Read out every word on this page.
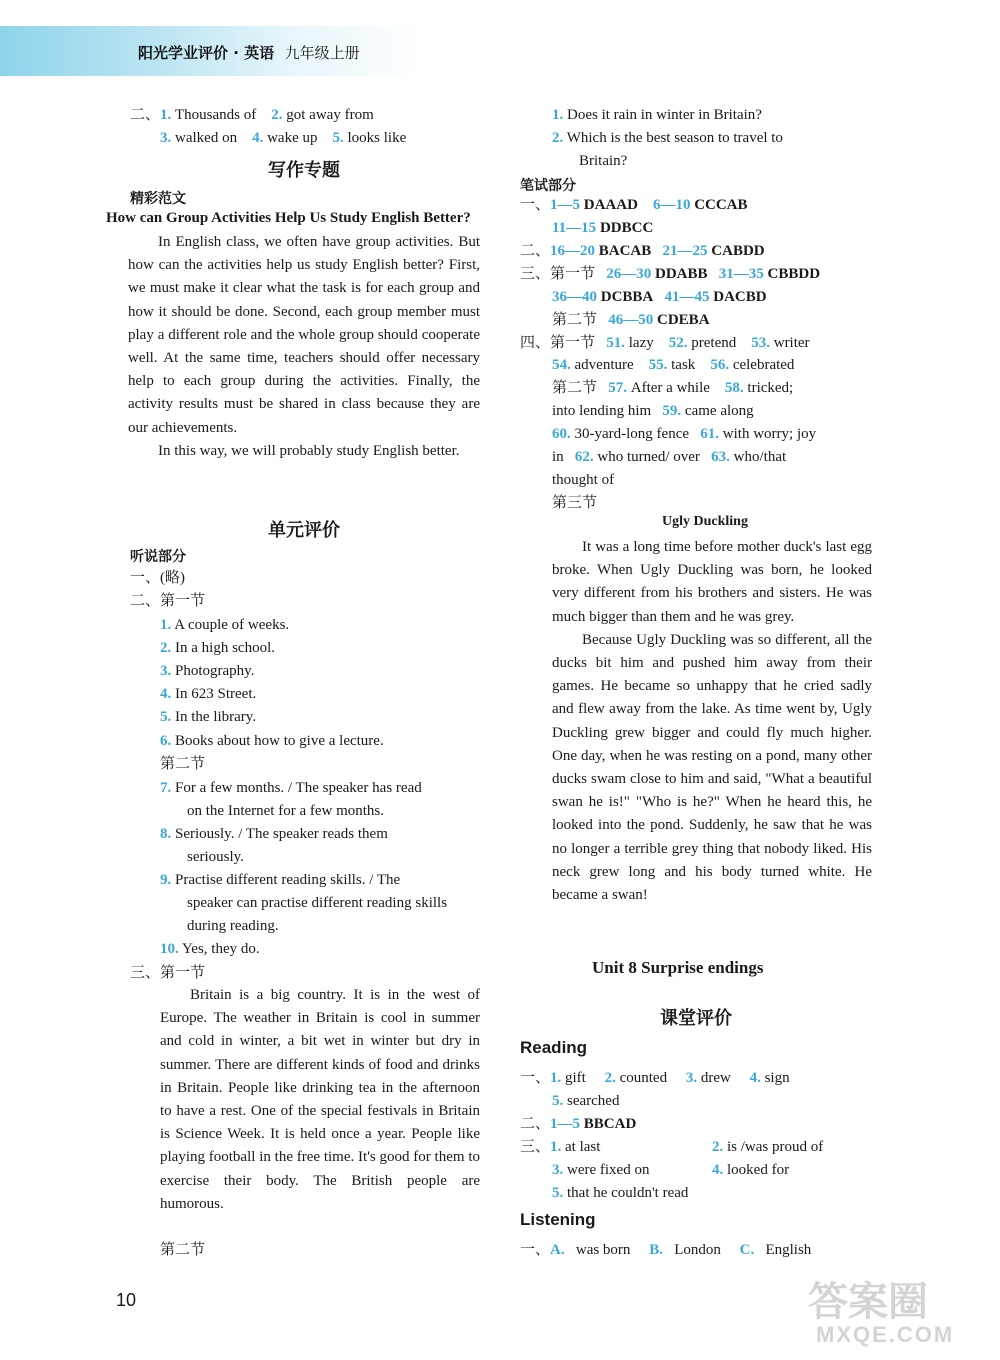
阳光学业评价 · 英语 九年级上册
二、1. Thousands of 2. got away from
3. walked on 4. wake up 5. looks like
写作专题
精彩范文
How can Group Activities Help Us Study English Better?

In English class, we often have group activities. But how can the activities help us study English better? First, we must make it clear what the task is for each group and how it should be done. Second, each group member must play a different role and the whole group should cooperate well. At the same time, teachers should offer necessary help to each group during the activities. Finally, the activity results must be shared in class because they are our achievements.

In this way, we will probably study English better.

单元评价
听说部分
一、(略)
二、第一节
1. A couple of weeks.
2. In a high school.
3. Photography.
4. In 623 Street.
5. In the library.
6. Books about how to give a lecture.
第二节
7. For a few months. / The speaker has read
on the Internet for a few months.
8. Seriously. / The speaker reads them
seriously.
9. Practise different reading skills. / The
speaker can practise different reading skills
during reading.
10. Yes, they do.
三、第一节

Britain is a big country. It is in the west of Europe. The weather in Britain is cool in summer and cold in winter, a bit wet in winter but dry in summer. There are different kinds of food and drinks in Britain. People like drinking tea in the afternoon to have a rest. One of the special festivals in Britain is Science Week. It is held once a year. People like playing football in the free time. It's good for them to exercise their body. The British people are humorous.

第二节
1. Does it rain in winter in Britain?
2. Which is the best season to travel to
Britain?
笔试部分
一、1—5 DAAAD 6—10 CCCAB
11—15 DDBCC
二、16—20 BACAB 21—25 CABDD
三、第一节 26—30 DDABB 31—35 CBBDD
36—40 DCBBA 41—45 DACBD
第二节 46—50 CDEBA
四、第一节 51. lazy 52. pretend 53. writer
54. adventure 55. task 56. celebrated
第二节 57. After a while 58. tricked;
into lending him 59. came along
60. 30-yard-long fence 61. with worry; joy
in 62. who turned/ over 63. who/that
thought of
第三节
Ugly Duckling

It was a long time before mother duck's last egg broke. When Ugly Duckling was born, he looked very different from his brothers and sisters. He was much bigger than them and he was grey.

Because Ugly Duckling was so different, all the ducks bit him and pushed him away from their games. He became so unhappy that he cried sadly and flew away from the lake. As time went by, Ugly Duckling grew bigger and could fly much higher. One day, when he was resting on a pond, many other ducks swam close to him and said, "What a beautiful swan he is!" "Who is he?" When he heard this, he looked into the pond. Suddenly, he saw that he was no longer a terrible grey thing that nobody liked. His neck grew long and his body turned white. He became a swan!

Unit 8 Surprise endings
课堂评价
Reading
一、1. gift 2. counted 3. drew 4. sign
5. searched
二、1—5 BBCAD
三、1. at last	2. is /was proud of
3. were fixed on	4. looked for
5. that he couldn't read
Listening
一、A. was born B. London C. English
10	答案圈
MXQE.COM
